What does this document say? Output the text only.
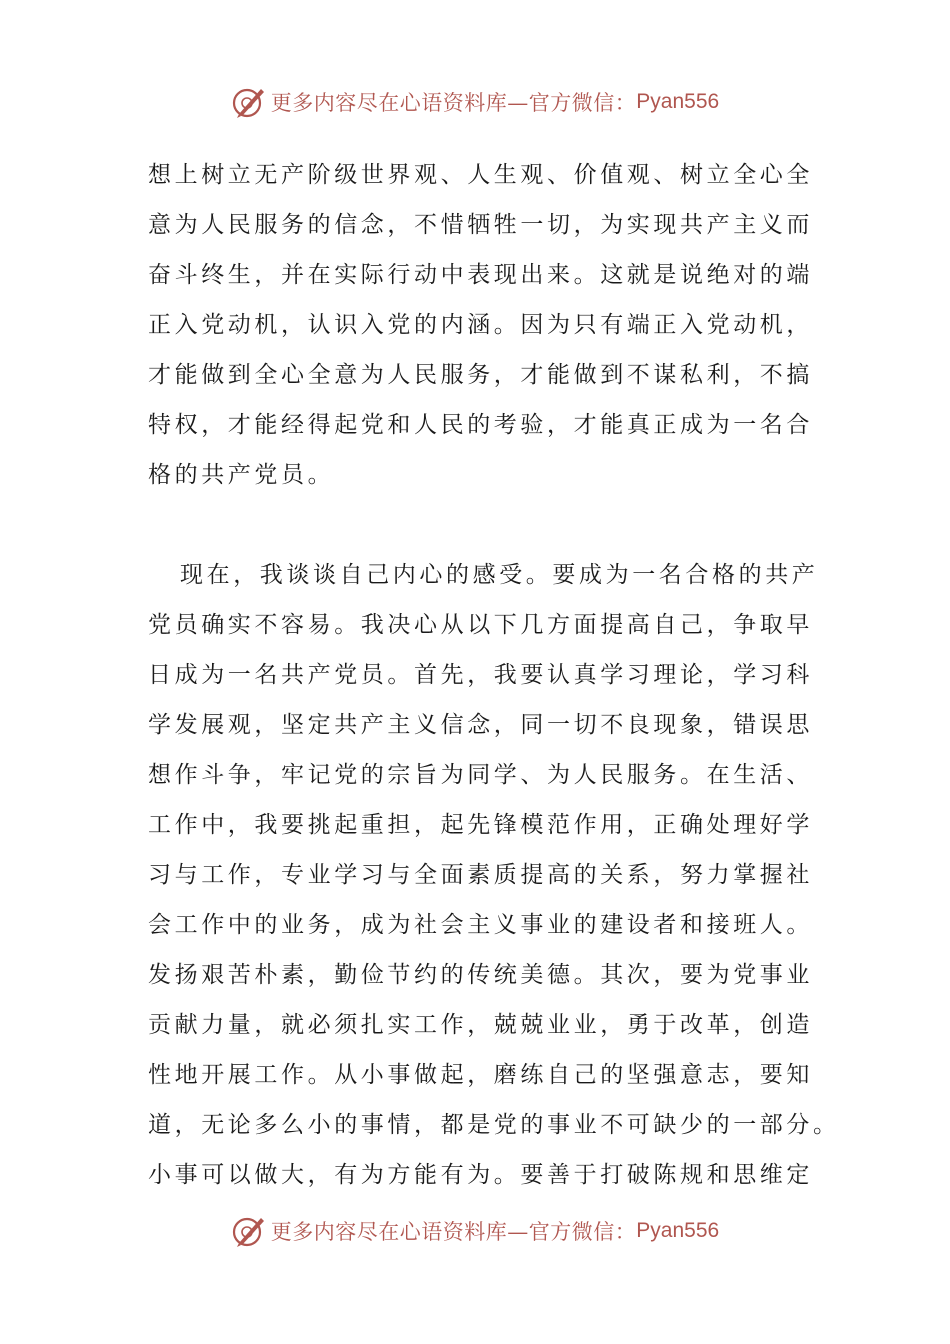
更多内容尽在心语资料库—官方微信： Pyan556

想上树立无产阶级世界观、人生观、价值观、树立全心全
意为人民服务的信念，不惜牺牲一切，为实现共产主义而
奋斗终生，并在实际行动中表现出来。这就是说绝对的端
正入党动机，认识入党的内涵。因为只有端正入党动机，
才能做到全心全意为人民服务，才能做到不谋私利，不搞
特权，才能经得起党和人民的考验，才能真正成为一名合
格的共产党员。

现在，我谈谈自己内心的感受。要成为一名合格的共产
党员确实不容易。我决心从以下几方面提高自己，争取早
日成为一名共产党员。首先，我要认真学习理论，学习科
学发展观，坚定共产主义信念，同一切不良现象，错误思
想作斗争，牢记党的宗旨为同学、为人民服务。在生活、
工作中，我要挑起重担，起先锋模范作用，正确处理好学
习与工作，专业学习与全面素质提高的关系，努力掌握社
会工作中的业务，成为社会主义事业的建设者和接班人。
发扬艰苦朴素，勤俭节约的传统美德。其次，要为党事业
贡献力量，就必须扎实工作，兢兢业业，勇于改革，创造
性地开展工作。从小事做起，磨练自己的坚强意志，要知
道，无论多么小的事情，都是党的事业不可缺少的一部分。
小事可以做大，有为方能有为。要善于打破陈规和思维定

更多内容尽在心语资料库—官方微信： Pyan556
